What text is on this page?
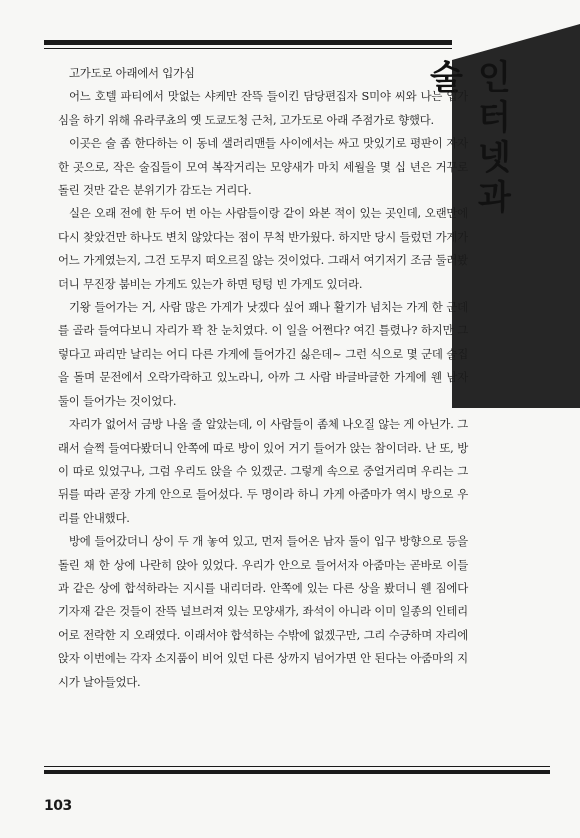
인
터
넷
과
술

고가도로 아래에서 입가심

어느 호텔 파티에서 맛없는 샤케만 잔뜩 들이킨 담당편집자 S미야 씨와 나는 입가심을 하기 위해 유라쿠쵸의 옛 도쿄도청 근처, 고가도로 아래 주점가로 향했다.

이곳은 술 좀 한다하는 이 동네 샐러리맨들 사이에서는 싸고 맛있기로 평판이 자자한 곳으로, 작은 술집들이 모여 복작거리는 모양새가 마치 세월을 몇 십 년은 거꾸로 돌린 것만 같은 분위기가 감도는 거리다.

실은 오래 전에 한 두어 번 아는 사람들이랑 같이 와본 적이 있는 곳인데, 오랜만에 다시 찾았건만 하나도 변치 않았다는 점이 무척 반가웠다. 하지만 당시 들렀던 가게가 어느 가게였는지, 그건 도무지 떠오르질 않는 것이었다. 그래서 여기저기 조금 둘러봤더니 무진장 붐비는 가게도 있는가 하면 텅텅 빈 가게도 있더라.

기왕 들어가는 거, 사람 많은 가게가 낫겠다 싶어 꽤나 활기가 넘치는 가게 한 군데를 골라 들여다보니 자리가 꽉 찬 눈치였다. 이 일을 어쩐다? 여긴 틀렸나? 하지만 그렇다고 파리만 날리는 어디 다른 가게에 들어가긴 싫은데~ 그런 식으로 몇 군데 술집을 돌며 문전에서 오락가락하고 있노라니, 아까 그 사람 바글바글한 가게에 웬 남자 둘이 들어가는 것이었다.

자리가 없어서 금방 나올 줄 알았는데, 이 사람들이 좀체 나오질 않는 게 아닌가. 그래서 슬쩍 들여다봤더니 안쪽에 따로 방이 있어 거기 들어가 앉는 참이더라. 난 또, 방이 따로 있었구나, 그럼 우리도 앉을 수 있겠군. 그렇게 속으로 중얼거리며 우리는 그 뒤를 따라 곧장 가게 안으로 들어섰다. 두 명이라 하니 가게 아줌마가 역시 방으로 우리를 안내했다.

방에 들어갔더니 상이 두 개 놓여 있고, 먼저 들어온 남자 둘이 입구 방향으로 등을 돌린 채 한 상에 나란히 앉아 있었다. 우리가 안으로 들어서자 아줌마는 곧바로 이들과 같은 상에 합석하라는 지시를 내리더라. 안쪽에 있는 다른 상을 봤더니 웬 짐에다 기자재 같은 것들이 잔뜩 널브러져 있는 모양새가, 좌석이 아니라 이미 일종의 인테리어로 전락한 지 오래였다. 이래서야 합석하는 수밖에 없겠구만, 그리 수긍하며 자리에 앉자 이번에는 각자 소지품이 비어 있던 다른 상까지 넘어가면 안 된다는 아줌마의 지시가 날아들었다.

103
